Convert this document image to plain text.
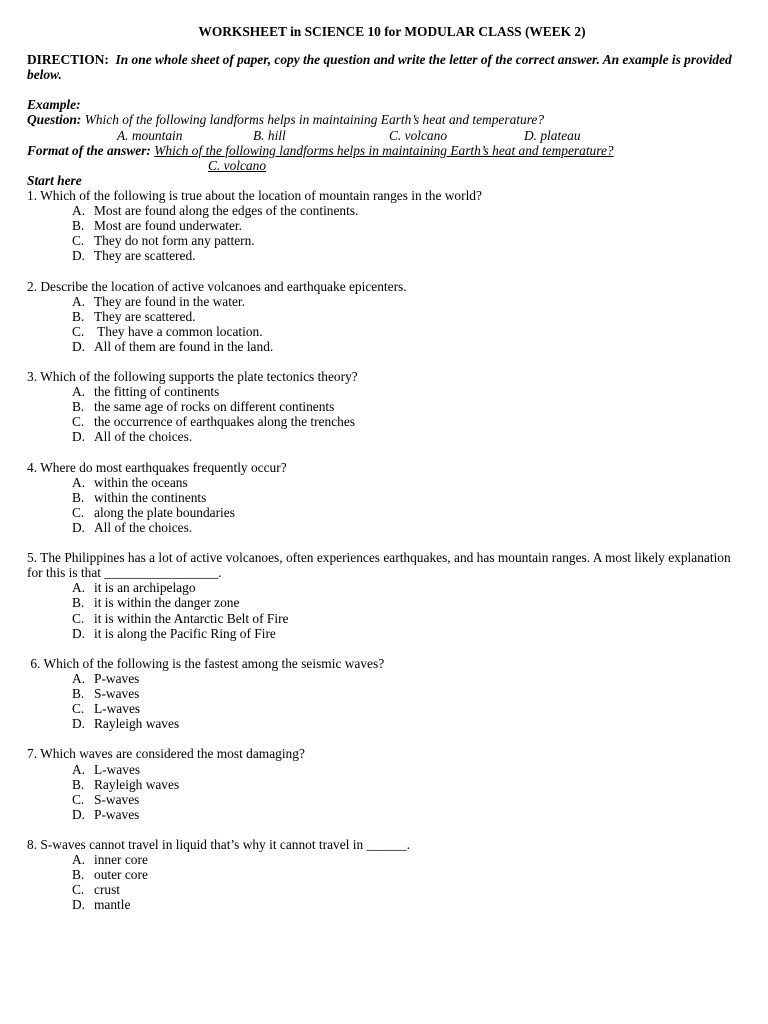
WORKSHEET in SCIENCE 10 for MODULAR CLASS (WEEK 2)

DIRECTION: In one whole sheet of paper, copy the question and write the letter of the correct answer. An example is provided below.

Example:
Question: Which of the following landforms helps in maintaining Earth’s heat and temperature?
A. mountain	B. hill	C. volcano	D. plateau
Format of the answer: Which of the following landforms helps in maintaining Earth’s heat and temperature?
C. volcano
Start here

1. Which of the following is true about the location of mountain ranges in the world?

A. Most are found along the edges of the continents.
B. Most are found underwater.
C. They do not form any pattern.
D. They are scattered.

2. Describe the location of active volcanoes and earthquake epicenters.

A. They are found in the water.
B. They are scattered.
C. They have a common location.
D. All of them are found in the land.

3. Which of the following supports the plate tectonics theory?

A. the fitting of continents
B. the same age of rocks on different continents
C. the occurrence of earthquakes along the trenches
D. All of the choices.

4. Where do most earthquakes frequently occur?

A. within the oceans
B. within the continents
C. along the plate boundaries
D. All of the choices.

5. The Philippines has a lot of active volcanoes, often experiences earthquakes, and has mountain ranges. A most likely explanation for this is that _________________.

A. it is an archipelago
B. it is within the danger zone
C. it is within the Antarctic Belt of Fire
D. it is along the Pacific Ring of Fire

6. Which of the following is the fastest among the seismic waves?

A. P-waves
B. S-waves
C. L-waves
D. Rayleigh waves

7. Which waves are considered the most damaging?

A. L-waves
B. Rayleigh waves
C. S-waves
D. P-waves

8. S-waves cannot travel in liquid that’s why it cannot travel in ______.

A. inner core
B. outer core
C. crust
D. mantle
